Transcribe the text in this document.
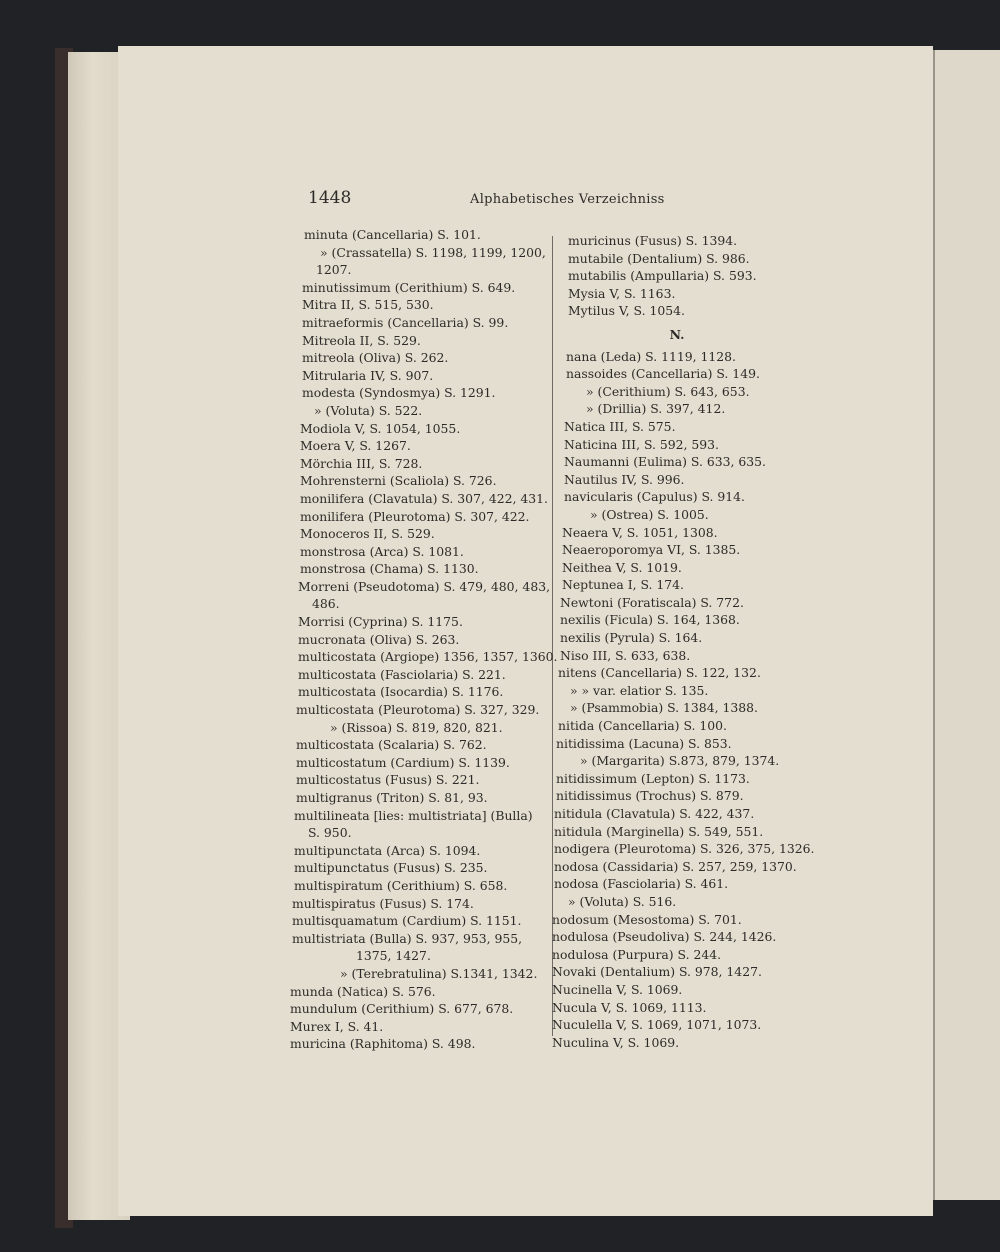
1448	Alphabetisches Verzeichniss
minuta (Cancellaria) S. 101.
» (Crassatella) S. 1198, 1199, 1200,
1207.
minutissimum (Cerithium) S. 649.
Mitra II, S. 515, 530.
mitraeformis (Cancellaria) S. 99.
Mitreola II, S. 529.
mitreola (Oliva) S. 262.
Mitrularia IV, S. 907.
modesta (Syndosmya) S. 1291.
» (Voluta) S. 522.
Modiola V, S. 1054, 1055.
Moera V, S. 1267.
Mörchia III, S. 728.
Mohrensterni (Scaliola) S. 726.
monilifera (Clavatula) S. 307, 422, 431.
monilifera (Pleurotoma) S. 307, 422.
Monoceros II, S. 529.
monstrosa (Arca) S. 1081.
monstrosa (Chama) S. 1130.
Morreni (Pseudotoma) S. 479, 480, 483,
486.
Morrisi (Cyprina) S. 1175.
mucronata (Oliva) S. 263.
multicostata (Argiope) 1356, 1357, 1360.
multicostata (Fasciolaria) S. 221.
multicostata (Isocardia) S. 1176.
multicostata (Pleurotoma) S. 327, 329.
» (Rissoa) S. 819, 820, 821.
multicostata (Scalaria) S. 762.
multicostatum (Cardium) S. 1139.
multicostatus (Fusus) S. 221.
multigranus (Triton) S. 81, 93.
multilineata [lies: multistriata] (Bulla)
S. 950.
multipunctata (Arca) S. 1094.
multipunctatus (Fusus) S. 235.
multispiratum (Cerithium) S. 658.
multispiratus (Fusus) S. 174.
multisquamatum (Cardium) S. 1151.
multistriata (Bulla) S. 937, 953, 955,
1375, 1427.
» (Terebratulina) S.1341, 1342.
munda (Natica) S. 576.
mundulum (Cerithium) S. 677, 678.
Murex I, S. 41.
muricina (Raphitoma) S. 498.
muricinus (Fusus) S. 1394.
mutabile (Dentalium) S. 986.
mutabilis (Ampullaria) S. 593.
Mysia V, S. 1163.
Mytilus V, S. 1054.
N.
nana (Leda) S. 1119, 1128.
nassoides (Cancellaria) S. 149.
» (Cerithium) S. 643, 653.
» (Drillia) S. 397, 412.
Natica III, S. 575.
Naticina III, S. 592, 593.
Naumanni (Eulima) S. 633, 635.
Nautilus IV, S. 996.
navicularis (Capulus) S. 914.
» (Ostrea) S. 1005.
Neaera V, S. 1051, 1308.
Neaeroporomya VI, S. 1385.
Neithea V, S. 1019.
Neptunea I, S. 174.
Newtoni (Foratiscala) S. 772.
nexilis (Ficula) S. 164, 1368.
nexilis (Pyrula) S. 164.
Niso III, S. 633, 638.
nitens (Cancellaria) S. 122, 132.
» » var. elatior S. 135.
» (Psammobia) S. 1384, 1388.
nitida (Cancellaria) S. 100.
nitidissima (Lacuna) S. 853.
» (Margarita) S.873, 879, 1374.
nitidissimum (Lepton) S. 1173.
nitidissimus (Trochus) S. 879.
nitidula (Clavatula) S. 422, 437.
nitidula (Marginella) S. 549, 551.
nodigera (Pleurotoma) S. 326, 375, 1326.
nodosa (Cassidaria) S. 257, 259, 1370.
nodosa (Fasciolaria) S. 461.
» (Voluta) S. 516.
nodosum (Mesostoma) S. 701.
nodulosa (Pseudoliva) S. 244, 1426.
nodulosa (Purpura) S. 244.
Novaki (Dentalium) S. 978, 1427.
Nucinella V, S. 1069.
Nucula V, S. 1069, 1113.
Nuculella V, S. 1069, 1071, 1073.
Nuculina V, S. 1069.
